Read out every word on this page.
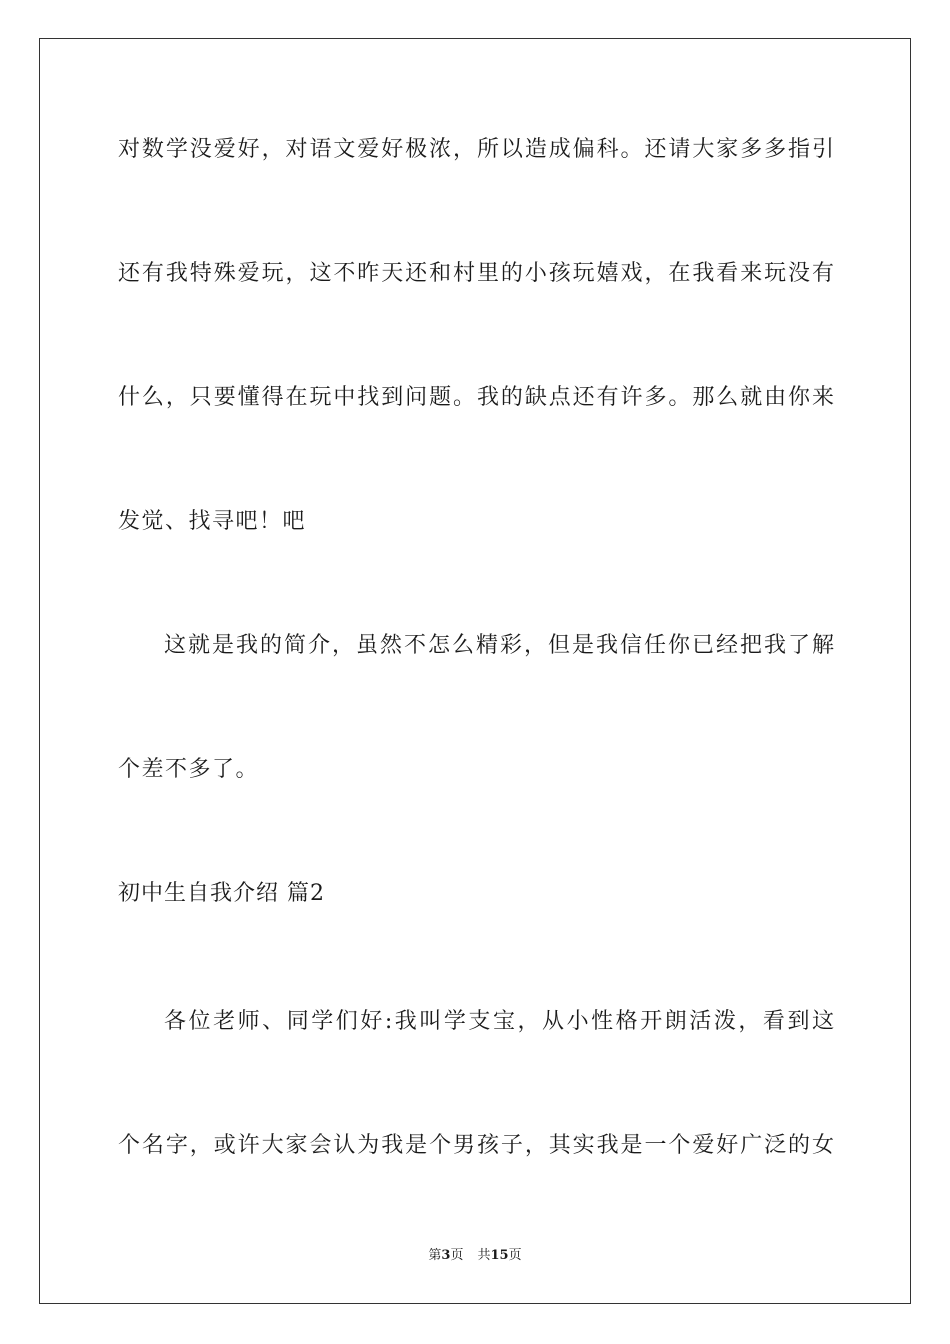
对数学没爱好，对语文爱好极浓，所以造成偏科。还请大家多多指引
还有我特殊爱玩，这不昨天还和村里的小孩玩嬉戏，在我看来玩没有
什么，只要懂得在玩中找到问题。我的缺点还有许多。那么就由你来
发觉、找寻吧！吧
这就是我的简介，虽然不怎么精彩，但是我信任你已经把我了解
个差不多了。
初中生自我介绍 篇2
各位老师、同学们好:我叫学支宝，从小性格开朗活泼，看到这
个名字，或许大家会认为我是个男孩子，其实我是一个爱好广泛的女
第3页 共15页
